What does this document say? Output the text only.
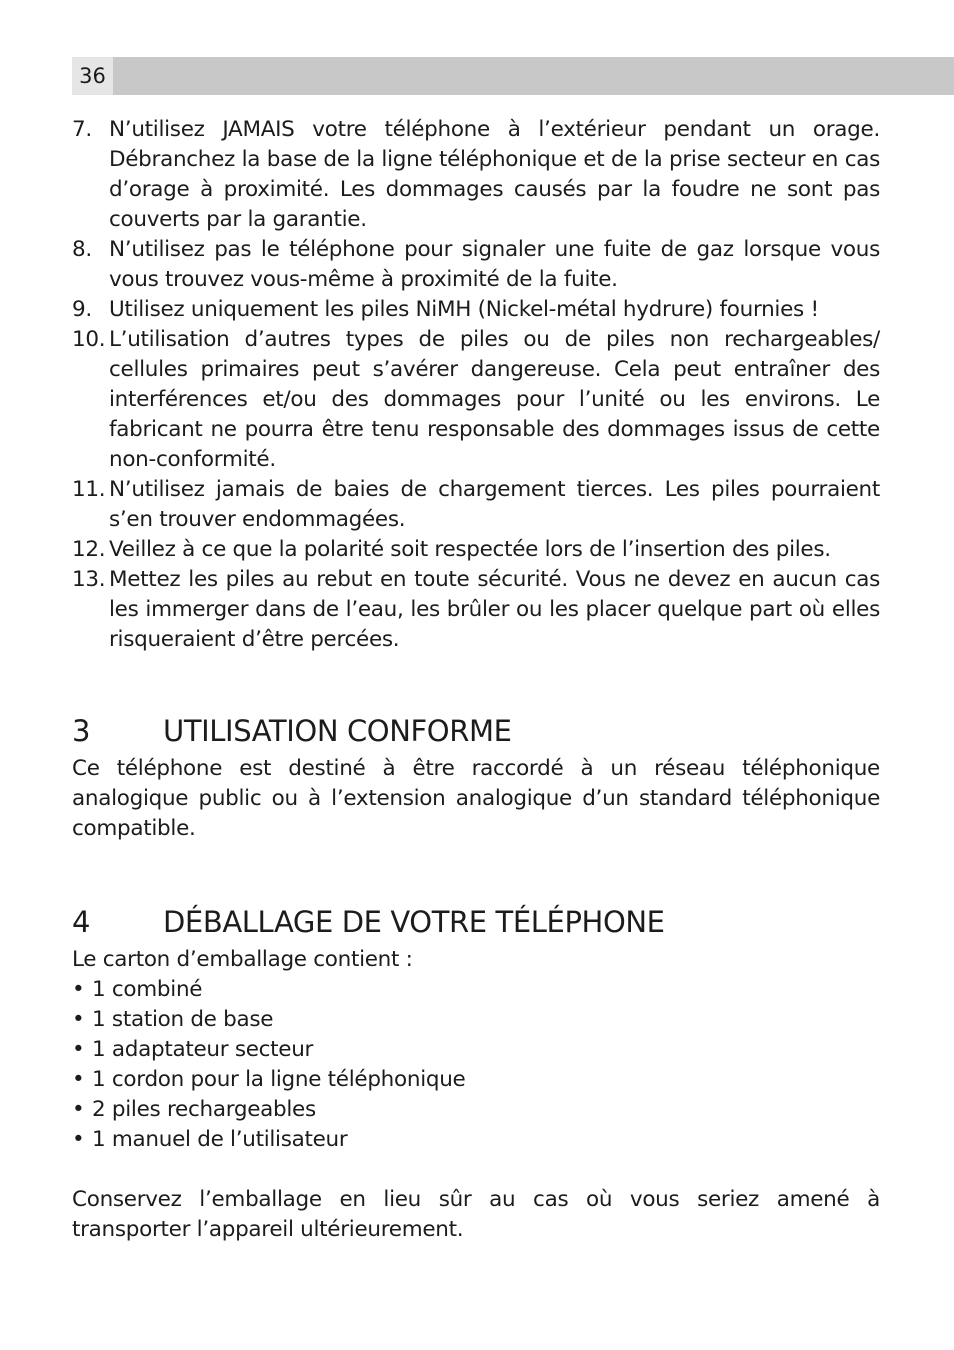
36
7. N’utilisez JAMAIS votre téléphone à l’extérieur pendant un orage. Débranchez la base de la ligne téléphonique et de la prise secteur en cas d’orage à proximité. Les dommages causés par la foudre ne sont pas couverts par la garantie.
8. N’utilisez pas le téléphone pour signaler une fuite de gaz lorsque vous vous trouvez vous-même à proximité de la fuite.
9. Utilisez uniquement les piles NiMH (Nickel-métal hydrure) fournies !
10. L’utilisation d’autres types de piles ou de piles non rechargeables/ cellules primaires peut s’avérer dangereuse. Cela peut entraîner des interférences et/ou des dommages pour l’unité ou les environs. Le fabricant ne pourra être tenu responsable des dommages issus de cette non-conformité.
11. N’utilisez jamais de baies de chargement tierces. Les piles pourraient s’en trouver endommagées.
12. Veillez à ce que la polarité soit respectée lors de l’insertion des piles.
13. Mettez les piles au rebut en toute sécurité. Vous ne devez en aucun cas les immerger dans de l’eau, les brûler ou les placer quelque part où elles risqueraient d’être percées.
3	UTILISATION CONFORME

Ce téléphone est destiné à être raccordé à un réseau téléphonique analogique public ou à l’extension analogique d’un standard téléphonique compatible.

4	DÉBALLAGE DE VOTRE TÉLÉPHONE

Le carton d’emballage contient :

• 1 combiné
• 1 station de base
• 1 adaptateur secteur
• 1 cordon pour la ligne téléphonique
• 2 piles rechargeables
• 1 manuel de l’utilisateur

Conservez l’emballage en lieu sûr au cas où vous seriez amené à transporter l’appareil ultérieurement.
